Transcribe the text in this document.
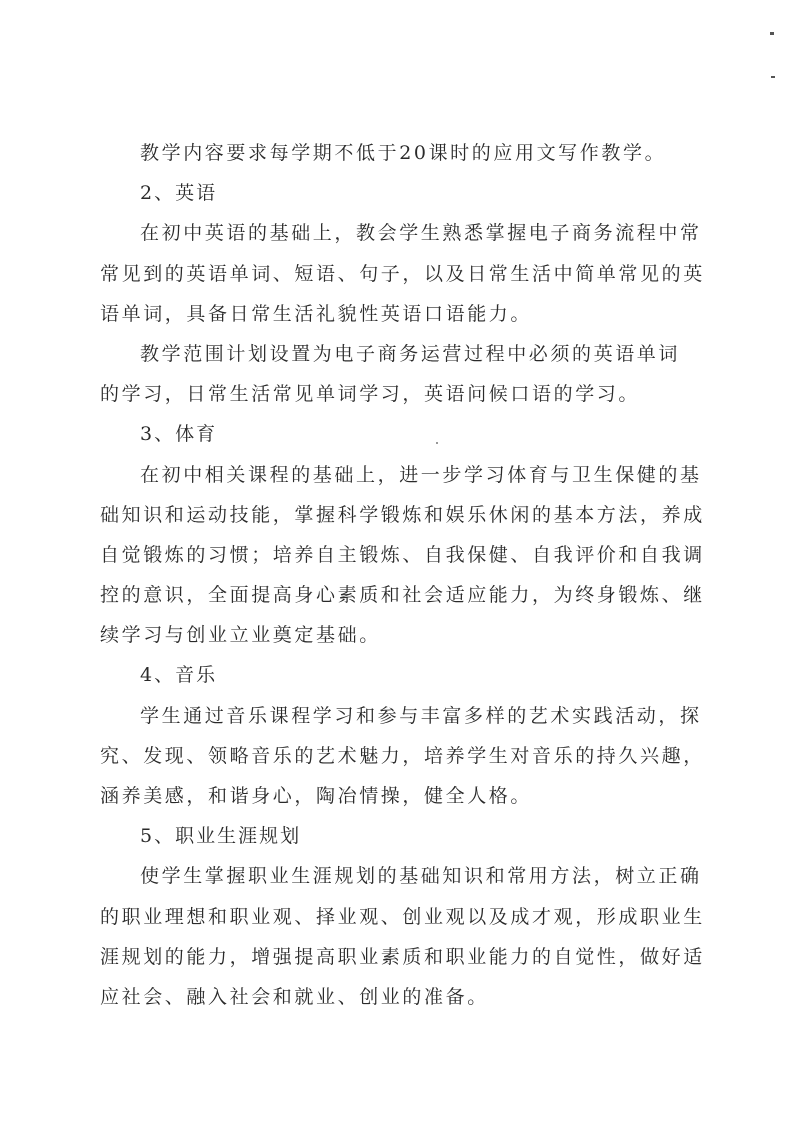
教学内容要求每学期不低于20课时的应用文写作教学。
2、英语
在初中英语的基础上，教会学生熟悉掌握电子商务流程中常
常见到的英语单词、短语、句子，以及日常生活中简单常见的英
语单词，具备日常生活礼貌性英语口语能力。
教学范围计划设置为电子商务运营过程中必须的英语单词
的学习，日常生活常见单词学习，英语问候口语的学习。
3、体育
在初中相关课程的基础上，进一步学习体育与卫生保健的基
础知识和运动技能，掌握科学锻炼和娱乐休闲的基本方法，养成
自觉锻炼的习惯；培养自主锻炼、自我保健、自我评价和自我调
控的意识，全面提高身心素质和社会适应能力，为终身锻炼、继
续学习与创业立业奠定基础。
4、音乐
学生通过音乐课程学习和参与丰富多样的艺术实践活动，探
究、发现、领略音乐的艺术魅力，培养学生对音乐的持久兴趣，
涵养美感，和谐身心，陶冶情操，健全人格。
5、职业生涯规划
使学生掌握职业生涯规划的基础知识和常用方法，树立正确
的职业理想和职业观、择业观、创业观以及成才观，形成职业生
涯规划的能力，增强提高职业素质和职业能力的自觉性，做好适
应社会、融入社会和就业、创业的准备。
